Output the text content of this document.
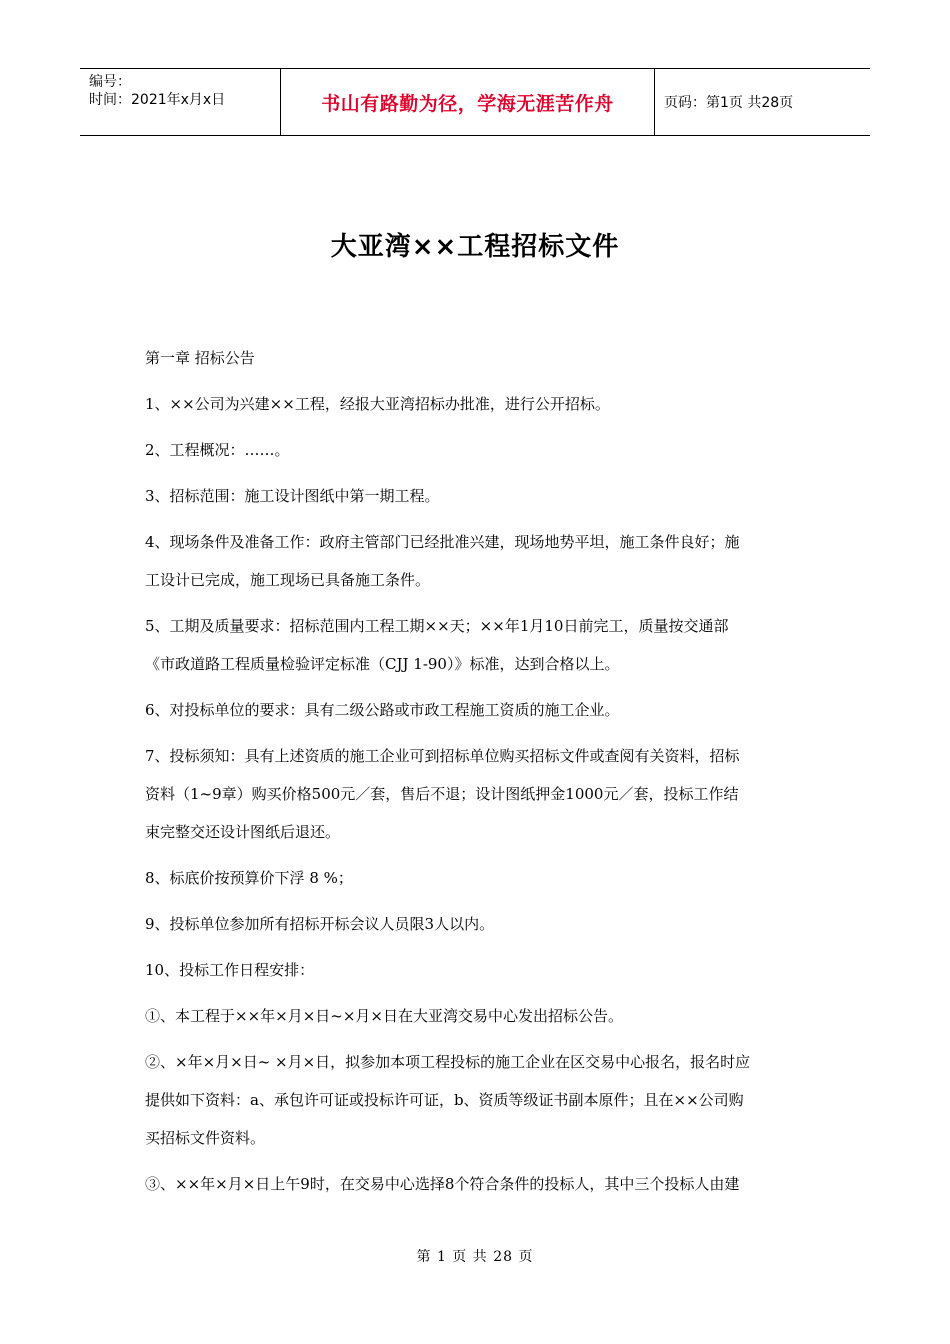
编号：
时间：2021年x月x日	书山有路勤为径，学海无涯苦作舟	页码：第1页 共28页
大亚湾××工程招标文件
第一章 招标公告
1、××公司为兴建××工程，经报大亚湾招标办批准，进行公开招标。
2、工程概况：……。
3、招标范围：施工设计图纸中第一期工程。
4、现场条件及准备工作：政府主管部门已经批准兴建，现场地势平坦，施工条件良好；施
工设计已完成，施工现场已具备施工条件。
5、工期及质量要求：招标范围内工程工期××天；××年1月10日前完工，质量按交通部
《市政道路工程质量检验评定标准（CJJ 1-90）》标准，达到合格以上。
6、对投标单位的要求：具有二级公路或市政工程施工资质的施工企业。
7、投标须知：具有上述资质的施工企业可到招标单位购买招标文件或查阅有关资料，招标
资料（1~9章）购买价格500元／套，售后不退；设计图纸押金1000元／套，投标工作结
束完整交还设计图纸后退还。
8、标底价按预算价下浮 8 %；
9、投标单位参加所有招标开标会议人员限3人以内。
10、投标工作日程安排：
①、本工程于××年×月×日~×月×日在大亚湾交易中心发出招标公告。
②、×年×月×日~ ×月×日，拟参加本项工程投标的施工企业在区交易中心报名，报名时应
提供如下资料：a、承包许可证或投标许可证，b、资质等级证书副本原件；且在××公司购
买招标文件资料。
③、××年×月×日上午9时，在交易中心选择8个符合条件的投标人，其中三个投标人由建
第 1 页 共 28 页
